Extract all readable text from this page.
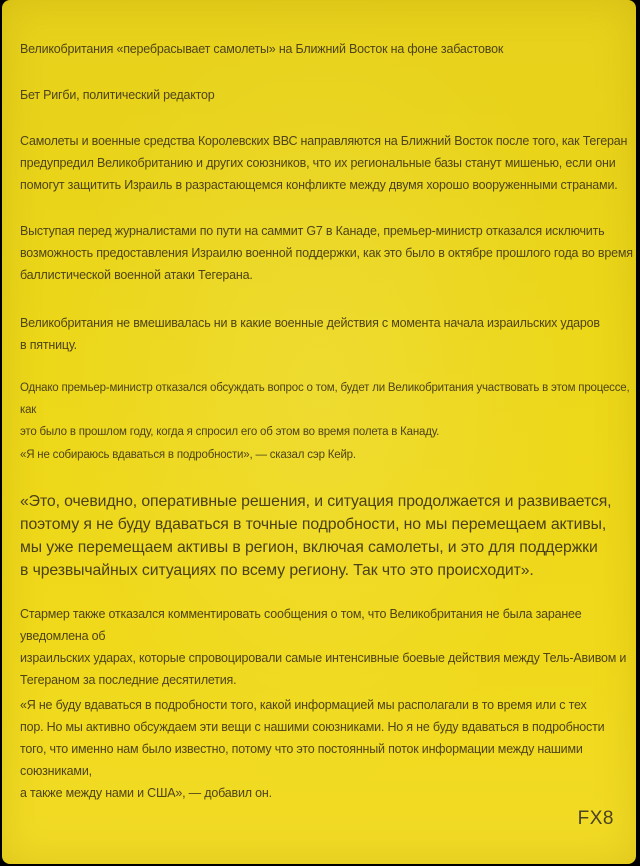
Великобритания «перебрасывает самолеты» на Ближний Восток на фоне забастовок

Бет Ригби, политический редактор

Самолеты и военные средства Королевских ВВС направляются на Ближний Восток после того, как Тегеран
предупредил Великобританию и других союзников, что их региональные базы станут мишенью, если они
помогут защитить Израиль в разрастающемся конфликте между двумя хорошо вооруженными странами.

Выступая перед журналистами по пути на саммит G7 в Канаде, премьер-министр отказался исключить
возможность предоставления Израилю военной поддержки, как это было в октябре прошлого года во время
баллистической военной атаки Тегерана.

Великобритания не вмешивалась ни в какие военные действия с момента начала израильских ударов
в пятницу.

Однако премьер-министр отказался обсуждать вопрос о том, будет ли Великобритания участвовать в этом процессе, как
это было в прошлом году, когда я спросил его об этом во время полета в Канаду.

«Я не собираюсь вдаваться в подробности», — сказал сэр Кейр.

«Это, очевидно, оперативные решения, и ситуация продолжается и развивается,
поэтому я не буду вдаваться в точные подробности, но мы перемещаем активы,
мы уже перемещаем активы в регион, включая самолеты, и это для поддержки
в чрезвычайных ситуациях по всему региону. Так что это происходит».

Стармер также отказался комментировать сообщения о том, что Великобритания не была заранее уведомлена об
израильских ударах, которые спровоцировали самые интенсивные боевые действия между Тель-Авивом и
Тегераном за последние десятилетия.

«Я не буду вдаваться в подробности того, какой информацией мы располагали в то время или с тех
пор. Но мы активно обсуждаем эти вещи с нашими союзниками. Но я не буду вдаваться в подробности
того, что именно нам было известно, потому что это постоянный поток информации между нашими союзниками,
а также между нами и США», — добавил он.

FX8
